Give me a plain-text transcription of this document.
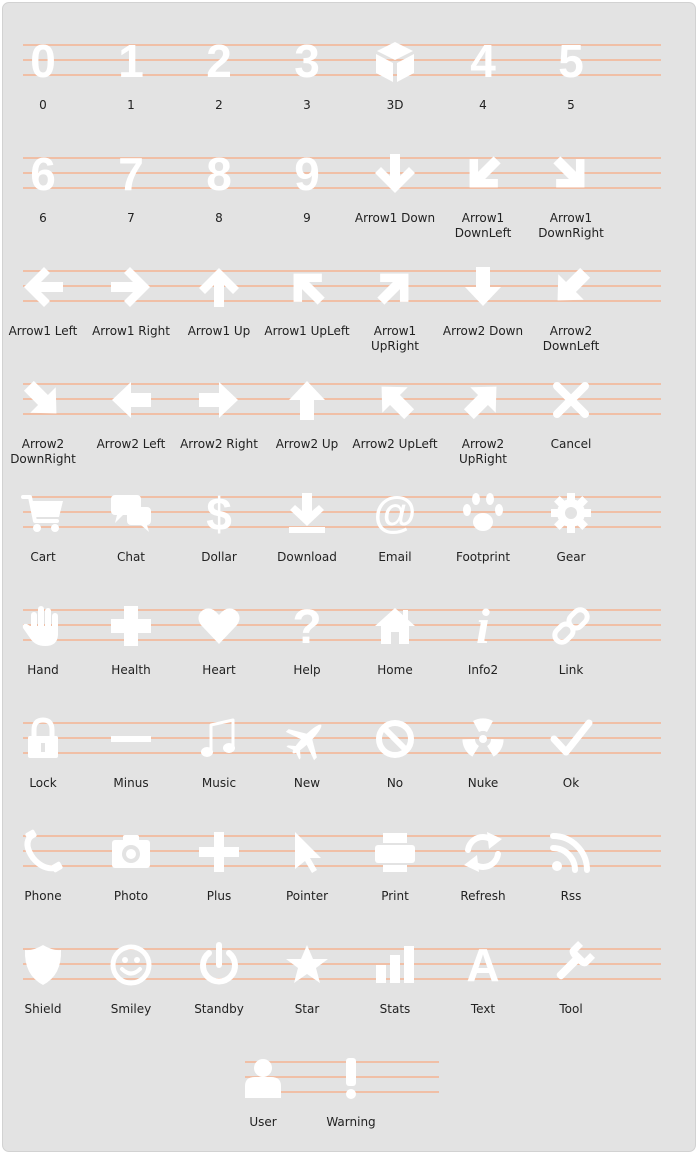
0
0
1
1
2
2
3
3	3D
4
4
5
5
6
6
7
7
8
8
9
9	Arrow1 Down	Arrow1 DownLeft
Arrow1 DownRight
Arrow1 Left	Arrow1 Right	Arrow1 Up	Arrow1 UpLeft	Arrow1 UpRight
Arrow2 Down	Arrow2 DownLeft
Arrow2 DownRight
Arrow2 Left	Arrow2 Right	Arrow2 Up	Arrow2 UpLeft	Arrow2 UpRight
Cancel
Cart	Chat
$
Dollar	Download
@
Email	Footprint	Gear
Hand	Health	Heart
?
Help	Home
i
Info2	Link
Lock	Minus	Music	New	No	Nuke	Ok
Phone	Photo	Plus	Pointer	Print	Refresh	Rss
Shield	Smiley	Standby	Star	Stats
A
Text	Tool
User	Warning
